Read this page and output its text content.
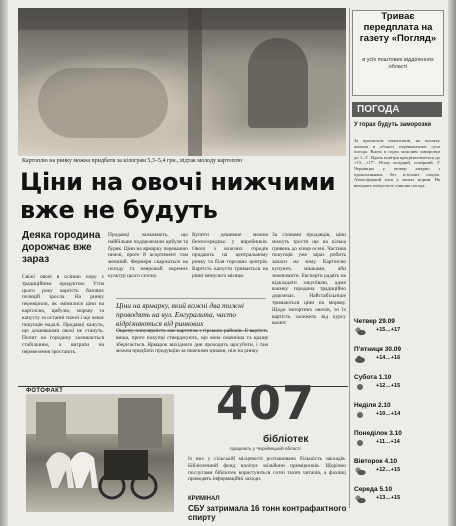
Картоплю на ринку можна придбати за кілограм 5,3–5,4 грн., відтак молоду картоплю
Ціни на овочі нижчими вже не будуть
Деяка городина дорожчає вже зараз
Свіжі овочі в осінню пору є традиційним продуктом. Утім цього року вартість базових позицій зросла. На ринку перевірили, як змінилися ціни на картоплю, цибулю, моркву та капусту за останні тижні і що чекає покупців надалі. Продавці кажуть, що дешевшими овочі не стануть. Попит на городину залишається стабільним, а витрати на перевезення зростають.
Продавці зазначають, що найбільше подорожчали цибуля та буряк. Ціни на ярмарку переважно нижчі, проте й асортимент там менший. Фермери скаржаться на погоду та неврожай окремих культур цього сезону.
Купити дешевше можна безпосередньо у виробників. Овочі з власних городів продають на центральному ринку та біля торгових центрів. Вартість капусти тримається на рівні минулого місяця.
За словами продавців, ціни можуть зрости ще на кілька гривень до кінця осені. Частина покупців уже зараз робить запаси на зиму. Картоплю купують мішками, аби зекономити. Експерти радять не відкладати закупівлю, адже взимку городина традиційно дорожчає. Найстабільніше тримаються ціни на моркву. Щодо імпортних овочів, то їх вартість залежить від курсу валют.
Ціни на ярмарку, який кожні два тижні проводять на вул. Енгуральта, часто відрізняються від ринкових
Окрему популярність має картопля з гірських районів. Її вартість вища, проте покупці стверджують, що вона смачніша та краще зберігається. Ярмарок вихідного дня проходить щосуботи, і там можна придбати продукцію за нижчими цінами, ніж на ринку.
Триває передплата на газету «Погляд»
в усіх поштових відділеннях області
ПОГОДА
У горах будуть заморозки
За прогнозом синоптиків, на початку жовтня в області переважатиме суха погода. Вночі в горах можливі заморозки до 1–3°. Вдень повітря прогріватиметься до +15…+17°. Вітер західний, помірний. У Чернівцях у четвер хмарно з проясненнями, без істотних опадів. Атмосферний тиск у межах норми. На вихідних очікується сонячна погода.
Четвер 29.09
+15…+17
П'ятниця 30.09
+14…+16
Субота 1.10
+12…+15
Неділя 2.10
+10…+14
Понеділок 3.10
+11…+14
Вівторок 4.10
+12…+15
Середа 5.10
+13…+15
ФОТОФАКТ	407
бібліотек
працюють у Чернівецькій області
Із них у сільській місцевості розташовано більшість закладів. Бібліотечний фонд налічує мільйони примірників. Щорічно послугами бібліотек користуються сотні тисяч читачів, а фахівці проводять інформаційні заходи.
КРИМІНАЛ
СБУ затримала 16 тонн контрафактного спирту
